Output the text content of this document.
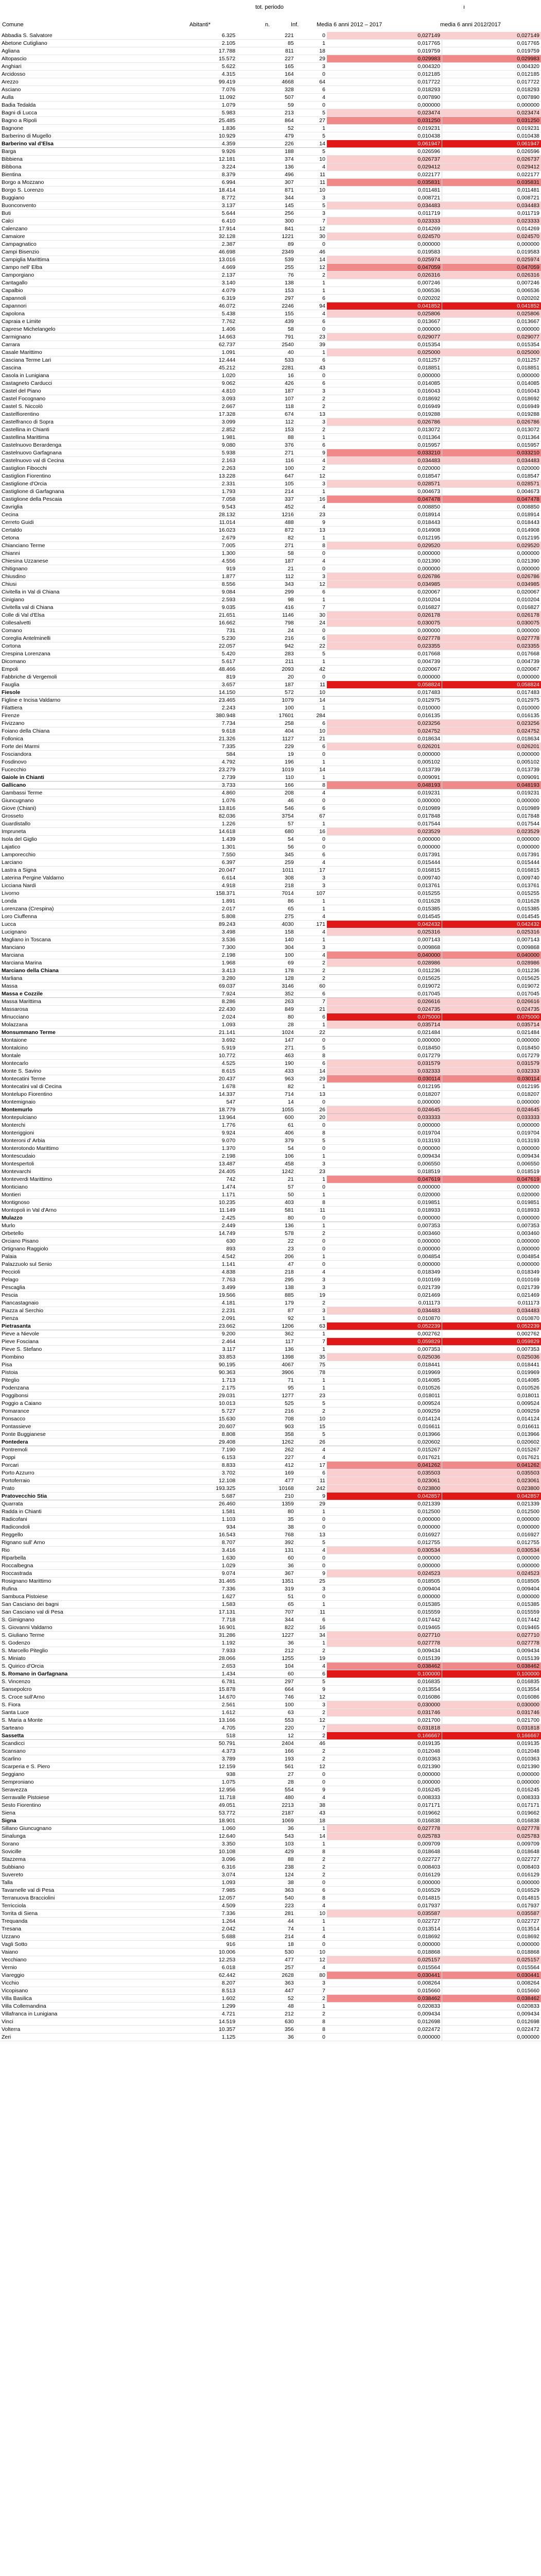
tot. periodo	ı
Comune	Abitanti*	n.	Inf.	Media 6 anni 2012 – 2017	media 6 anni 2012/2017
Abbadia S. Salvatore	6.325	221	0	0,027149	0,027149
Abetone Cutigliano	2.105	85	1	0,017765	0,017765
Agliana	17.788	811	18	0,019759	0,019759
Altopascio	15.572	227	29	0,029983	0,029983
Anghiari	5.622	165	3	0,004320	0,004320
Arcidosso	4.315	164	0	0,012185	0,012185
Arezzo	99.419	4668	64	0,017722	0,017722
Asciano	7.076	328	6	0,018293	0,018293
Aulla	11.092	507	4	0,007890	0,007890
Badia Tedalda	1.079	59	0	0,000000	0,000000
Bagni di Lucca	5.983	213	5	0,023474	0,023474
Bagno a Ripoli	25.485	864	27	0,031250	0,031250
Bagnone	1.836	52	1	0,019231	0,019231
Barberino di Mugello	10.929	479	5	0,010438	0,010438
Barberino val d’Elsa	4.359	226	14	0,061947	0,061947
Barga	9.926	188	5	0,026596	0,026596
Bibbiena	12.181	374	10	0,026737	0,026737
Bibbona	3.224	136	4	0,029412	0,029412
Bientina	8.379	496	11	0,022177	0,022177
Borgo a Mozzano	6.994	307	11	0,035831	0,035831
Borgo S. Lorenzo	18.414	871	10	0,011481	0,011481
Buggiano	8.772	344	3	0,008721	0,008721
Buonconvento	3.137	145	5	0,034483	0,034483
Buti	5.644	256	3	0,011719	0,011719
Calci	6.410	300	7	0,023333	0,023333
Calenzano	17.914	841	12	0,014269	0,014269
Camaiore	32.128	1221	30	0,024570	0,024570
Campagnatico	2.387	89	0	0,000000	0,000000
Campi Bisenzio	46.698	2349	46	0,019583	0,019583
Campiglia Marittima	13.016	539	14	0,025974	0,025974
Campo nell' Elba	4.669	255	12	0,047059	0,047059
Camporgiano	2.137	76	2	0,026316	0,026316
Cantagallo	3.140	138	1	0,007246	0,007246
Capalbio	4.079	153	1	0,006536	0,006536
Capannoli	6.319	297	6	0,020202	0,020202
Capannori	46.072	2246	94	0,041852	0,041852
Capolona	5.438	155	4	0,025806	0,025806
Capraia e Limite	7.762	439	6	0,013667	0,013667
Caprese Michelangelo	1.406	58	0	0,000000	0,000000
Carmignano	14.663	791	23	0,029077	0,029077
Carrara	62.737	2540	39	0,015354	0,015354
Casale Marittimo	1.091	40	1	0,025000	0,025000
Casciana Terme Lari	12.444	533	6	0,011257	0,011257
Cascina	45.212	2281	43	0,018851	0,018851
Casola in Lunigiana	1.020	16	0	0,000000	0,000000
Castagneto Carducci	9.062	426	6	0,014085	0,014085
Castel del Piano	4.810	187	3	0,016043	0,016043
Castel Focognano	3.093	107	2	0,018692	0,018692
Castel S. Niccolò	2.667	118	2	0,016949	0,016949
Castelfiorentino	17.328	674	13	0,019288	0,019288
Castelfranco di Sopra	3.099	112	3	0,026786	0,026786
Castellina in Chianti	2.852	153	2	0,013072	0,013072
Castellina Marittima	1.981	88	1	0,011364	0,011364
Castelnuovo Berardenga	9.080	376	6	0,015957	0,015957
Castelnuovo Garfagnana	5.938	271	9	0,033210	0,033210
Castelnuovo val di Cecina	2.163	116	4	0,034483	0,034483
Castiglion Fibocchi	2.263	100	2	0,020000	0,020000
Castiglion Fiorentino	13.228	647	12	0,018547	0,018547
Castiglione d'Orcia	2.331	105	3	0,028571	0,028571
Castiglione di Garfagnana	1.793	214	1	0,004673	0,004673
Castiglione della Pescaia	7.058	337	16	0,047478	0,047478
Cavriglia	9.543	452	4	0,008850	0,008850
Cecina	28.132	1216	23	0,018914	0,018914
Cerreto Guidi	11.014	488	9	0,018443	0,018443
Certaldo	16.023	872	13	0,014908	0,014908
Cetona	2.679	82	1	0,012195	0,012195
Chianciano Terme	7.005	271	8	0,029520	0,029520
Chianni	1.300	58	0	0,000000	0,000000
Chiesina Uzzanese	4.556	187	4	0,021390	0,021390
Chitignano	919	21	0	0,000000	0,000000
Chiusdino	1.877	112	3	0,026786	0,026786
Chiusi	8.556	343	12	0,034985	0,034985
Civitella in Val di Chiana	9.084	299	6	0,020067	0,020067
Cinigiano	2.593	98	1	0,010204	0,010204
Civitella val di Chiana	9.035	416	7	0,016827	0,016827
Colle di Val d'Elsa	21.651	1146	30	0,026178	0,026178
Collesalvetti	16.662	798	24	0,030075	0,030075
Comano	731	24	0	0,000000	0,000000
Coreglia Antelminelli	5.230	216	6	0,027778	0,027778
Cortona	22.057	942	22	0,023355	0,023355
Crespina Lorenzana	5.420	283	5	0,017668	0,017668
Dicomano	5.617	211	1	0,004739	0,004739
Empoli	48.466	2093	42	0,020067	0,020067
Fabbriche di Vergemoli	819	20	0	0,000000	0,000000
Fauglia	3.657	187	11	0,058824	0,058824
Fiesole	14.150	572	10	0,017483	0,017483
Figline e Incisa Valdarno	23.465	1079	14	0,012975	0,012975
Filattiera	2.243	100	1	0,010000	0,010000
Firenze	380.948	17601	284	0,016135	0,016135
Fivizzano	7.734	258	6	0,023256	0,023256
Foiano della Chiana	9.618	404	10	0,024752	0,024752
Follonica	21.326	1127	21	0,018634	0,018634
Forte dei Marmi	7.335	229	6	0,026201	0,026201
Fosciandora	584	19	0	0,000000	0,000000
Fosdinovo	4.792	196	1	0,005102	0,005102
Fucecchio	23.279	1019	14	0,013739	0,013739
Gaiole in Chianti	2.739	110	1	0,009091	0,009091
Gallicano	3.733	166	8	0,048193	0,048193
Gambassi Terme	4.860	208	4	0,019231	0,019231
Giuncugnano	1.076	46	0	0,000000	0,000000
Giove (Chiani)	13.816	546	6	0,010989	0,010989
Grosseto	82.036	3754	67	0,017848	0,017848
Guardistallo	1.226	57	1	0,017544	0,017544
Impruneta	14.618	680	16	0,023529	0,023529
Isola del Giglio	1.439	54	0	0,000000	0,000000
Lajatico	1.301	56	0	0,000000	0,000000
Lamporecchio	7.550	345	6	0,017391	0,017391
Larciano	6.397	259	4	0,015444	0,015444
Lastra a Signa	20.047	1011	17	0,016815	0,016815
Laterina Pergine Valdarno	6.614	308	3	0,009740	0,009740
Licciana Nardi	4.918	218	3	0,013761	0,013761
Livorno	158.371	7014	107	0,015255	0,015255
Londa	1.891	86	1	0,011628	0,011628
Lorenzana (Crespina)	2.017	65	1	0,015385	0,015385
Loro Ciuffenna	5.808	275	4	0,014545	0,014545
Lucca	89.243	4030	171	0,042432	0,042432
Lucignano	3.498	158	4	0,025316	0,025316
Magliano in Toscana	3.536	140	1	0,007143	0,007143
Manciano	7.300	304	3	0,009868	0,009868
Marciana	2.198	100	4	0,040000	0,040000
Marciana Marina	1.968	69	2	0,028986	0,028986
Marciano della Chiana	3.413	178	2	0,011236	0,011236
Marliana	3.280	128	2	0,015625	0,015625
Massa	69.037	3146	60	0,019072	0,019072
Massa e Cozzile	7.924	352	6	0,017045	0,017045
Massa Marittima	8.286	263	7	0,026616	0,026616
Massarosa	22.430	849	21	0,024735	0,024735
Minucciano	2.024	80	6	0,075000	0,075000
Molazzana	1.093	28	1	0,035714	0,035714
Monsummano Terme	21.141	1024	22	0,021484	0,021484
Montaione	3.692	147	0	0,000000	0,000000
Montalcino	5.919	271	5	0,018450	0,018450
Montale	10.772	463	8	0,017279	0,017279
Montecarlo	4.525	190	6	0,031579	0,031579
Monte S. Savino	8.615	433	14	0,032333	0,032333
Montecatini Terme	20.437	963	29	0,030114	0,030114
Montecatini val di Cecina	1.678	82	1	0,012195	0,012195
Montelupo Fiorentino	14.337	714	13	0,018207	0,018207
Montemignaio	547	14	0	0,000000	0,000000
Montemurlo	18.779	1055	26	0,024645	0,024645
Montepulciano	13.964	600	20	0,033333	0,033333
Monterchi	1.776	61	0	0,000000	0,000000
Monteriggioni	9.924	406	8	0,019704	0,019704
Monteroni d' Arbia	9.070	379	5	0,013193	0,013193
Monterotondo Marittimo	1.370	54	0	0,000000	0,000000
Montescudaio	2.198	106	1	0,009434	0,009434
Montespertoli	13.487	458	3	0,006550	0,006550
Montevarchi	24.405	1242	23	0,018519	0,018519
Monteverdi Marittimo	742	21	1	0,047619	0,047619
Monticiano	1.474	57	0	0,000000	0,000000
Montieri	1.171	50	1	0,020000	0,020000
Montignoso	10.235	403	8	0,019851	0,019851
Montopoli in Val d'Arno	11.149	581	11	0,018933	0,018933
Mulazzo	2.425	80	0	0,000000	0,000000
Murlo	2.449	136	1	0,007353	0,007353
Orbetello	14.749	578	2	0,003460	0,003460
Orciano Pisano	630	22	0	0,000000	0,000000
Ortignano Raggiolo	893	23	0	0,000000	0,000000
Palaia	4.542	206	1	0,004854	0,004854
Palazzuolo sul Senio	1.141	47	0	0,000000	0,000000
Peccioli	4.838	218	4	0,018349	0,018349
Pelago	7.763	295	3	0,010169	0,010169
Pescaglia	3.499	138	3	0,021739	0,021739
Pescia	19.566	885	19	0,021469	0,021469
Piancastagnaio	4.181	179	2	0,011173	0,011173
Piazza al Serchio	2.231	87	3	0,034483	0,034483
Pienza	2.091	92	1	0,010870	0,010870
Pietrasanta	23.662	1206	63	0,052239	0,052239
Pieve a Nievole	9.200	362	1	0,002762	0,002762
Pieve Fosciana	2.464	117	7	0,059829	0,059829
Pieve S. Stefano	3.117	136	1	0,007353	0,007353
Piombino	33.853	1398	35	0,025036	0,025036
Pisa	90.195	4067	75	0,018441	0,018441
Pistoia	90.363	3906	78	0,019969	0,019969
Piteglio	1.713	71	1	0,014085	0,014085
Podenzana	2.175	95	1	0,010526	0,010526
Poggibonsi	29.031	1277	23	0,018011	0,018011
Poggio a Caiano	10.013	525	5	0,009524	0,009524
Pomarance	5.727	216	2	0,009259	0,009259
Ponsacco	15.630	708	10	0,014124	0,014124
Pontassieve	20.607	903	15	0,016611	0,016611
Ponte Buggianese	8.808	358	5	0,013966	0,013966
Pontedera	29.408	1262	26	0,020602	0,020602
Pontremoli	7.190	262	4	0,015267	0,015267
Poppi	6.153	227	4	0,017621	0,017621
Porcari	8.833	412	17	0,041262	0,041262
Porto Azzurro	3.702	169	6	0,035503	0,035503
Portoferraio	12.108	477	11	0,023061	0,023061
Prato	193.325	10168	242	0,023800	0,023800
Pratovecchio Stia	5.687	210	9	0,042857	0,042857
Quarrata	26.460	1359	29	0,021339	0,021339
Radda in Chianti	1.581	80	1	0,012500	0,012500
Radicofani	1.103	35	0	0,000000	0,000000
Radicondoli	934	38	0	0,000000	0,000000
Reggello	16.543	768	13	0,016927	0,016927
Rignano sull' Arno	8.707	392	5	0,012755	0,012755
Rio	3.416	131	4	0,030534	0,030534
Riparbella	1.630	60	0	0,000000	0,000000
Roccalbegna	1.029	36	0	0,000000	0,000000
Roccastrada	9.074	367	9	0,024523	0,024523
Rosignano Marittimo	31.465	1351	25	0,018505	0,018505
Rufina	7.336	319	3	0,009404	0,009404
Sambuca Pistoiese	1.627	51	0	0,000000	0,000000
San Casciano dei bagni	1.583	65	1	0,015385	0,015385
San Casciano val di Pesa	17.131	707	11	0,015559	0,015559
S. Gimignano	7.718	344	6	0,017442	0,017442
S. Giovanni Valdarno	16.901	822	16	0,019465	0,019465
S. Giuliano Terme	31.286	1227	34	0,027710	0,027710
S. Godenzo	1.192	36	1	0,027778	0,027778
S. Marcello Piteglio	7.933	212	2	0,009434	0,009434
S. Miniato	28.066	1255	19	0,015139	0,015139
S. Quirico d'Orcia	2.653	104	4	0,038462	0,038462
S. Romano in Garfagnana	1.434	60	6	0,100000	0,100000
S. Vincenzo	6.781	297	5	0,016835	0,016835
Sansepolcro	15.878	664	9	0,013554	0,013554
S. Croce sull'Arno	14.670	746	12	0,016086	0,016086
S. Fiora	2.561	100	3	0,030000	0,030000
Santa Luce	1.612	63	2	0,031746	0,031746
S. Maria a Monte	13.166	553	12	0,021700	0,021700
Sarteano	4.705	220	7	0,031818	0,031818
Sassetta	518	12	2	0,166667	0,166667
Scandicci	50.791	2404	46	0,019135	0,019135
Scansano	4.373	166	2	0,012048	0,012048
Scarlino	3.789	193	2	0,010363	0,010363
Scarperia e S. Piero	12.159	561	12	0,021390	0,021390
Seggiano	938	27	0	0,000000	0,000000
Semproniano	1.075	28	0	0,000000	0,000000
Seravezza	12.956	554	9	0,016245	0,016245
Serravalle Pistoiese	11.718	480	4	0,008333	0,008333
Sesto Fiorentino	49.051	2213	38	0,017171	0,017171
Siena	53.772	2187	43	0,019662	0,019662
Signa	18.901	1069	18	0,016838	0,016838
Sillano Giuncugnano	1.060	36	1	0,027778	0,027778
Sinalunga	12.640	543	14	0,025783	0,025783
Sorano	3.350	103	1	0,009709	0,009709
Sovicille	10.108	429	8	0,018648	0,018648
Stazzema	3.096	88	2	0,022727	0,022727
Subbiano	6.316	238	2	0,008403	0,008403
Suvereto	3.074	124	2	0,016129	0,016129
Talla	1.093	38	0	0,000000	0,000000
Tavarnelle val di Pesa	7.985	363	6	0,016529	0,016529
Terranuova Bracciolini	12.057	540	8	0,014815	0,014815
Terricciola	4.509	223	4	0,017937	0,017937
Torrita di Siena	7.336	281	10	0,035587	0,035587
Trequanda	1.264	44	1	0,022727	0,022727
Tresana	2.042	74	1	0,013514	0,013514
Uzzano	5.688	214	4	0,018692	0,018692
Vagli Sotto	916	18	0	0,000000	0,000000
Vaiano	10.006	530	10	0,018868	0,018868
Vecchiano	12.253	477	12	0,025157	0,025157
Vernio	6.018	257	4	0,015564	0,015564
Viareggio	62.442	2628	80	0,030441	0,030441
Vicchio	8.207	363	3	0,008264	0,008264
Vicopisano	8.513	447	7	0,015660	0,015660
Villa Basilica	1.602	52	2	0,038462	0,038462
Villa Collemandina	1.299	48	1	0,020833	0,020833
Villafranca in Lunigiana	4.721	212	2	0,009434	0,009434
Vinci	14.519	630	8	0,012698	0,012698
Volterra	10.357	356	8	0,022472	0,022472
Zeri	1.125	36	0	0,000000	0,000000
